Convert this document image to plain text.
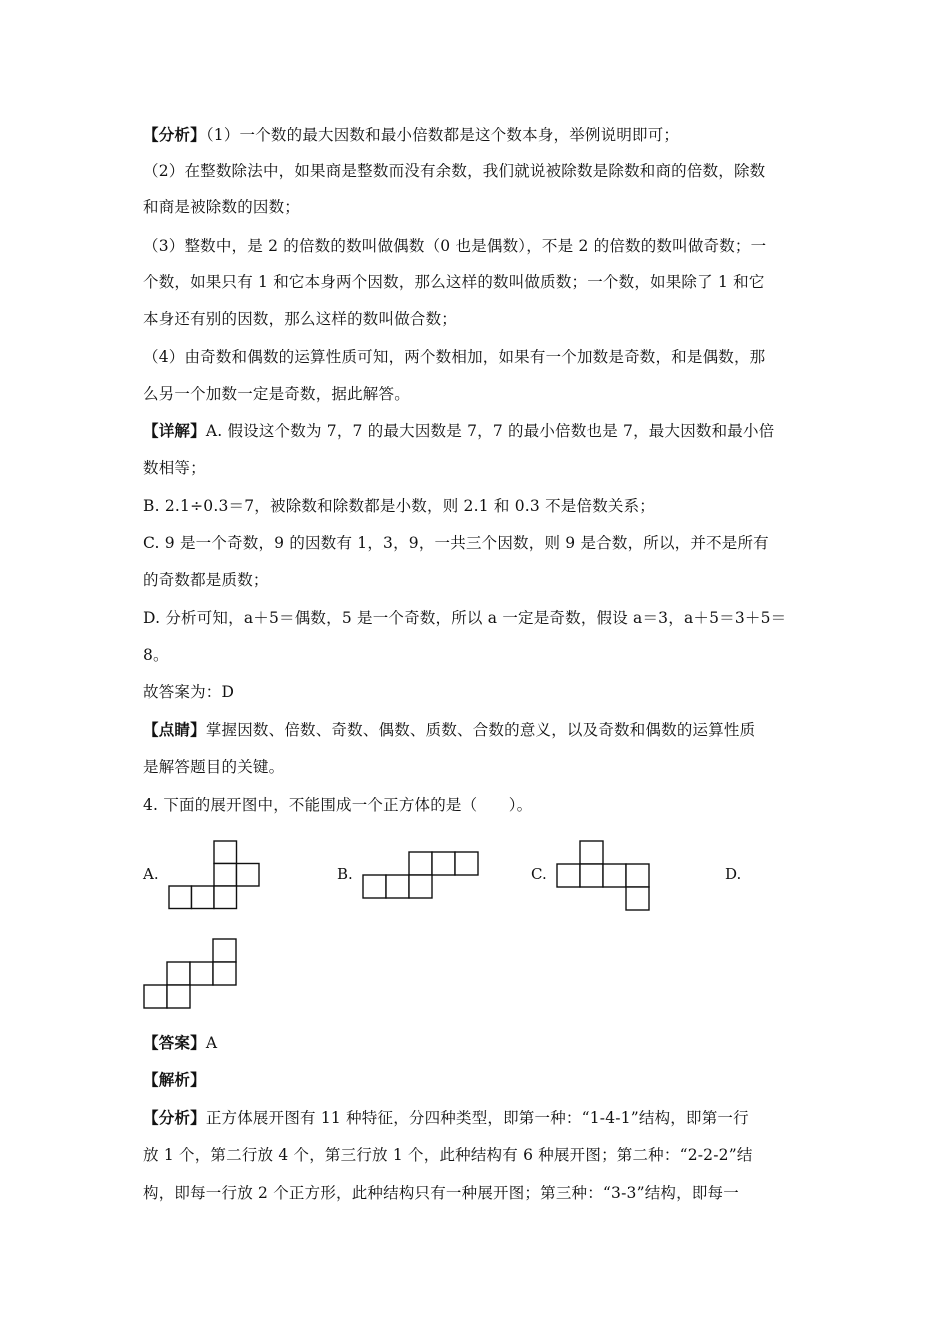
【分析】（1）一个数的最大因数和最小倍数都是这个数本身，举例说明即可；
（2）在整数除法中，如果商是整数而没有余数，我们就说被除数是除数和商的倍数，除数
和商是被除数的因数；
（3）整数中，是 2 的倍数的数叫做偶数（0 也是偶数），不是 2 的倍数的数叫做奇数；一
个数，如果只有 1 和它本身两个因数，那么这样的数叫做质数；一个数，如果除了 1 和它
本身还有别的因数，那么这样的数叫做合数；
（4）由奇数和偶数的运算性质可知，两个数相加，如果有一个加数是奇数，和是偶数，那
么另一个加数一定是奇数，据此解答。
【详解】A. 假设这个数为 7，7 的最大因数是 7，7 的最小倍数也是 7，最大因数和最小倍
数相等；
B. 2.1÷0.3＝7，被除数和除数都是小数，则 2.1 和 0.3 不是倍数关系；
C. 9 是一个奇数，9 的因数有 1，3，9，一共三个因数，则 9 是合数，所以，并不是所有
的奇数都是质数；
D. 分析可知，a＋5＝偶数，5 是一个奇数，所以 a 一定是奇数，假设 a＝3，a＋5＝3＋5＝
8。
故答案为：D
【点睛】掌握因数、倍数、奇数、偶数、质数、合数的意义，以及奇数和偶数的运算性质
是解答题目的关键。
4. 下面的展开图中，不能围成一个正方体的是（　　）。
A.	B.	C.	D.
【答案】A
【解析】
【分析】正方体展开图有 11 种特征，分四种类型，即第一种：“1-4-1”结构，即第一行
放 1 个，第二行放 4 个，第三行放 1 个，此种结构有 6 种展开图；第二种：“2-2-2”结
构，即每一行放 2 个正方形，此种结构只有一种展开图；第三种：“3-3”结构，即每一
